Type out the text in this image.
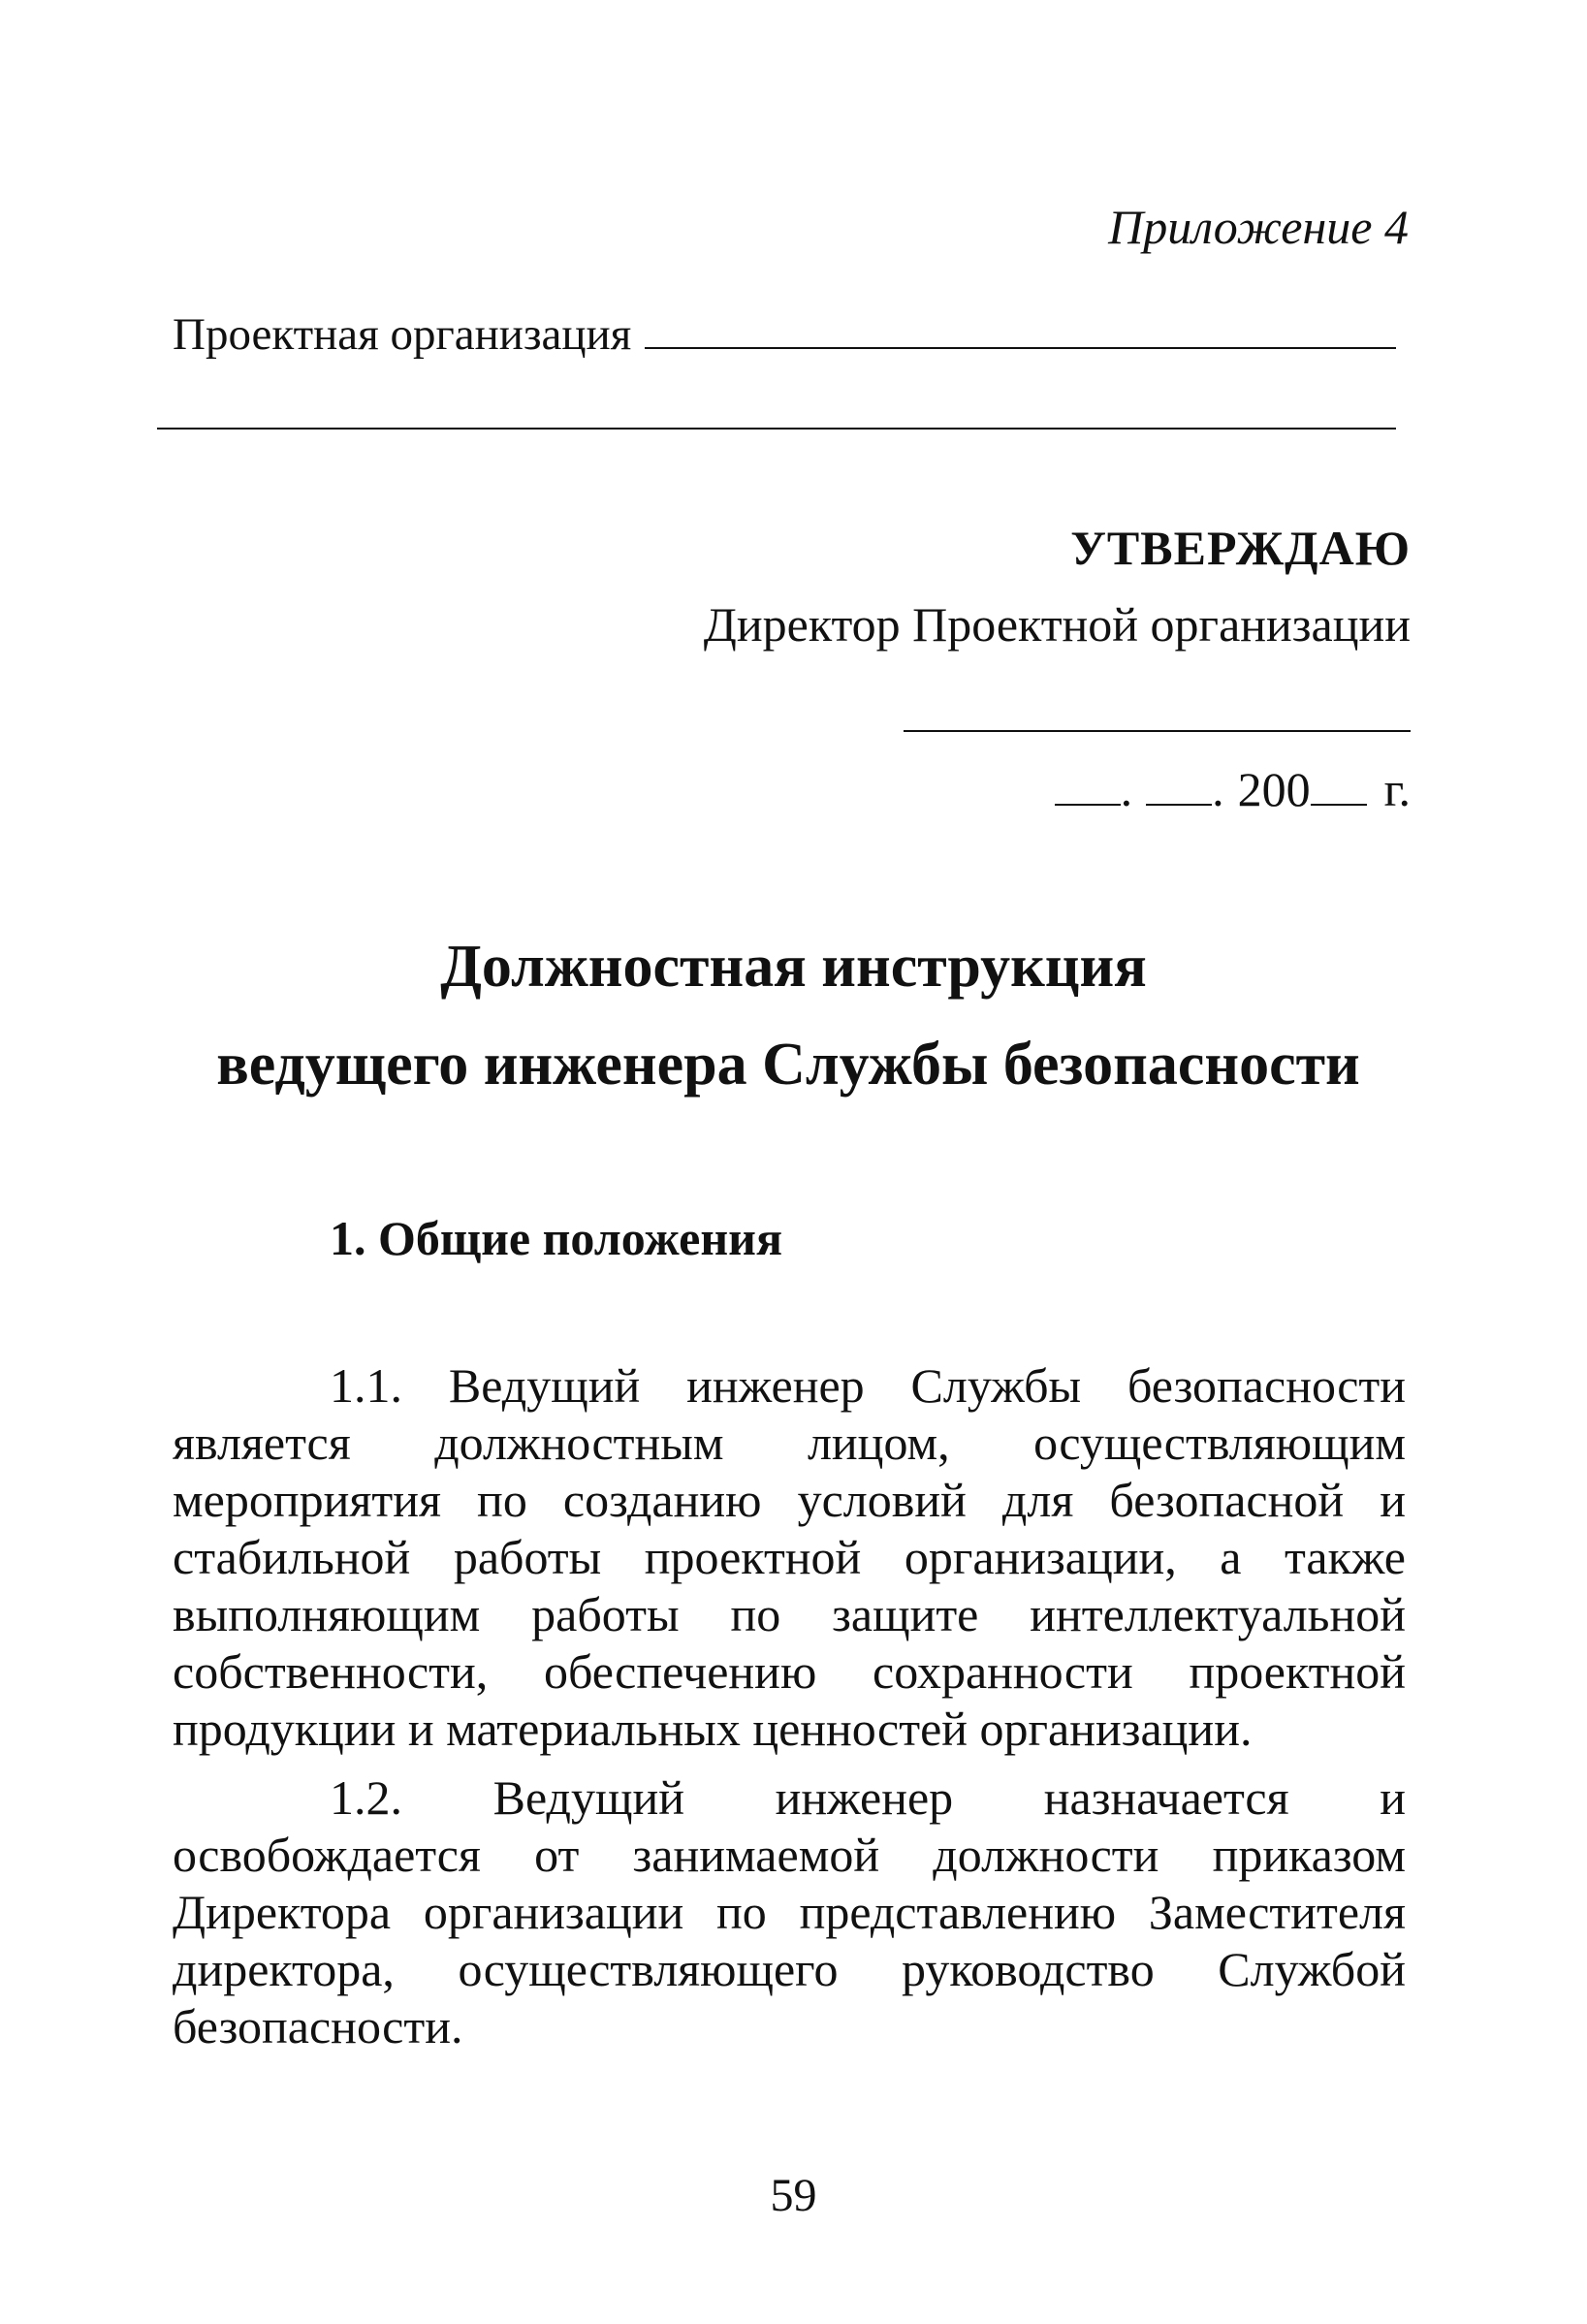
Приложение 4
Проектная организация
УТВЕРЖДАЮ
Директор Проектной организации
. . 200 г.
Должностная инструкция
ведущего инженера Службы безопасности
1. Общие положения

1.1. Ведущий инженер Службы безопасности является должностным лицом, осуществляющим мероприятия по созданию условий для безопасной и стабильной работы проектной организации, а также выполняющим работы по защите интеллектуальной собственности, обеспечению сохранности проектной продукции и материальных ценностей организации.

1.2. Ведущий инженер назначается и освобождается от занимаемой должности приказом Директора организации по представлению Заместителя директора, осуществляющего руководство Службой безопасности.

59
